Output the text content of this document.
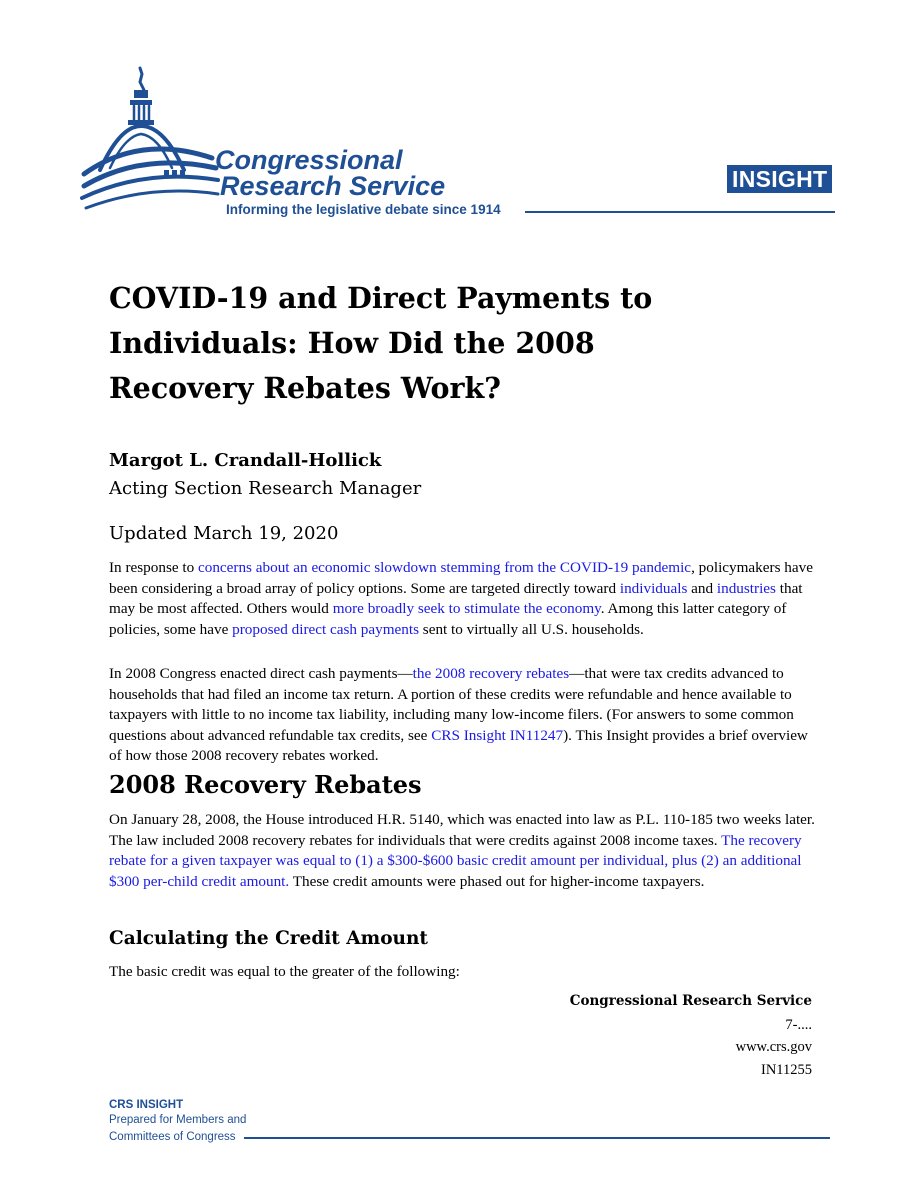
Congressional
Research Service
Informing the legislative debate since 1914
INSIGHT
COVID-19 and Direct Payments to Individuals: How Did the 2008 Recovery Rebates Work?
Margot L. Crandall-Hollick
Acting Section Research Manager
Updated March 19, 2020

In response to concerns about an economic slowdown stemming from the COVID-19 pandemic, policymakers have been considering a broad array of policy options. Some are targeted directly toward individuals and industries that may be most affected. Others would more broadly seek to stimulate the economy. Among this latter category of policies, some have proposed direct cash payments sent to virtually all U.S. households.

In 2008 Congress enacted direct cash payments—the 2008 recovery rebates—that were tax credits advanced to households that had filed an income tax return. A portion of these credits were refundable and hence available to taxpayers with little to no income tax liability, including many low-income filers. (For answers to some common questions about advanced refundable tax credits, see CRS Insight IN11247). This Insight provides a brief overview of how those 2008 recovery rebates worked.

2008 Recovery Rebates

On January 28, 2008, the House introduced H.R. 5140, which was enacted into law as P.L. 110-185 two weeks later. The law included 2008 recovery rebates for individuals that were credits against 2008 income taxes. The recovery rebate for a given taxpayer was equal to (1) a $300-$600 basic credit amount per individual, plus (2) an additional $300 per-child credit amount. These credit amounts were phased out for higher-income taxpayers.

Calculating the Credit Amount

The basic credit was equal to the greater of the following:

Congressional Research Service
7-....
www.crs.gov
IN11255
CRS INSIGHT
Prepared for Members and
Committees of Congress
